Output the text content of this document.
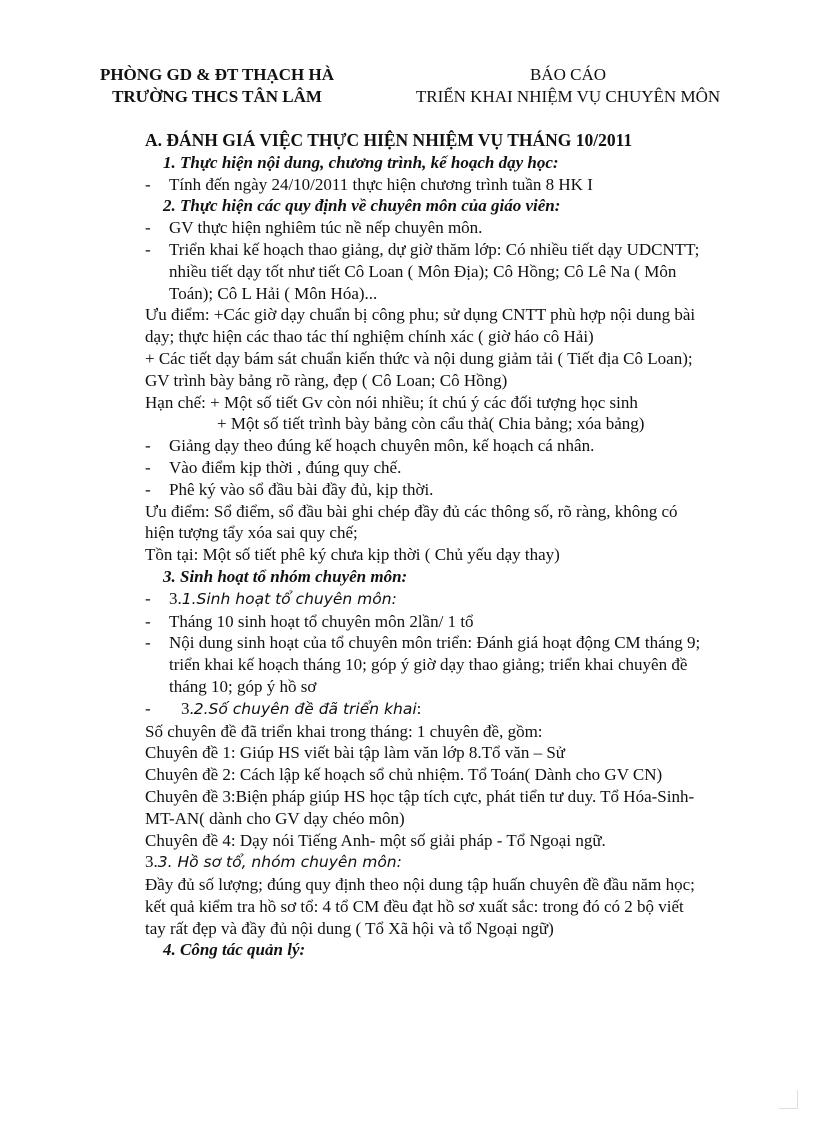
PHÒNG GD & ĐT THẠCH HÀ
TRƯỜNG THCS TÂN LÂM
BÁO CÁO
TRIỂN KHAI NHIỆM VỤ CHUYÊN MÔN

A. ĐÁNH GIÁ VIỆC THỰC HIỆN NHIỆM VỤ THÁNG 10/2011

1. Thực hiện nội dung, chương trình, kế hoạch dạy học:

- Tính đến ngày 24/10/2011 thực hiện chương trình tuần 8 HK I

2. Thực hiện các quy định về chuyên môn của giáo viên:

- GV thực hiện nghiêm túc nề nếp chuyên môn.

- Triển khai kế hoạch thao giảng, dự giờ thăm lớp: Có nhiều tiết dạy UDCNTT; nhiều tiết dạy tốt như tiết Cô Loan ( Môn Địa); Cô Hồng; Cô Lê Na ( Môn Toán); Cô L Hải ( Môn Hóa)...

Ưu điểm: +Các giờ dạy chuẩn bị công phu; sử dụng CNTT phù hợp nội dung bài dạy; thực hiện các thao tác thí nghiệm chính xác ( giờ háo cô Hải)

+ Các tiết dạy bám sát chuẩn kiến thức và nội dung giảm tải ( Tiết địa Cô Loan); GV trình bày bảng rõ ràng, đẹp ( Cô Loan; Cô Hồng)

Hạn chế: + Một số tiết Gv còn nói nhiều; ít chú ý các đối tượng học sinh

+ Một số tiết trình bày bảng còn cẩu thả( Chia bảng; xóa bảng)

- Giảng dạy theo đúng kế hoạch chuyên môn, kế hoạch cá nhân.

- Vào điểm kịp thời , đúng quy chế.

- Phê ký vào sổ đầu bài đầy đủ, kịp thời.

Ưu điểm: Sổ điểm, sổ đầu bài ghi chép đầy đủ các thông số, rõ ràng, không có hiện tượng tẩy xóa sai quy chế;

Tồn tại: Một số tiết phê ký chưa kịp thời ( Chủ yếu dạy thay)

3. Sinh hoạt tổ nhóm chuyên môn:

- 3.1.Sinh hoạt tổ chuyên môn:

- Tháng 10 sinh hoạt tổ chuyên môn 2lần/ 1 tổ

- Nội dung sinh hoạt của tổ chuyên môn triển: Đánh giá hoạt động CM tháng 9; triển khai kế hoạch tháng 10; góp ý giờ dạy thao giảng; triển khai chuyên đề tháng 10; góp ý hồ sơ

- 3.2.Số chuyên đề đã triển khai:

Số chuyên đề đã triển khai trong tháng: 1 chuyên đề, gồm:

Chuyên đề 1: Giúp HS viết bài tập làm văn lớp 8.Tổ văn – Sử

Chuyên đề 2: Cách lập kế hoạch sổ chủ nhiệm. Tổ Toán( Dành cho GV CN)

Chuyên đề 3:Biện pháp giúp HS học tập tích cực, phát tiển tư duy. Tổ Hóa-Sinh-MT-AN( dành cho GV dạy chéo môn)

Chuyên đề 4: Dạy nói Tiếng Anh- một số giải pháp - Tổ Ngoại ngữ.

3.3. Hồ sơ tổ, nhóm chuyên môn:

Đầy đủ số lượng; đúng quy định theo nội dung tập huấn chuyên đề đầu năm học; kết quả kiểm tra hồ sơ tổ: 4 tổ CM đều đạt hồ sơ xuất sắc: trong đó có 2 bộ viết tay rất đẹp và đầy đủ nội dung ( Tổ Xã hội và tổ Ngoại ngữ)

4. Công tác quản lý:
